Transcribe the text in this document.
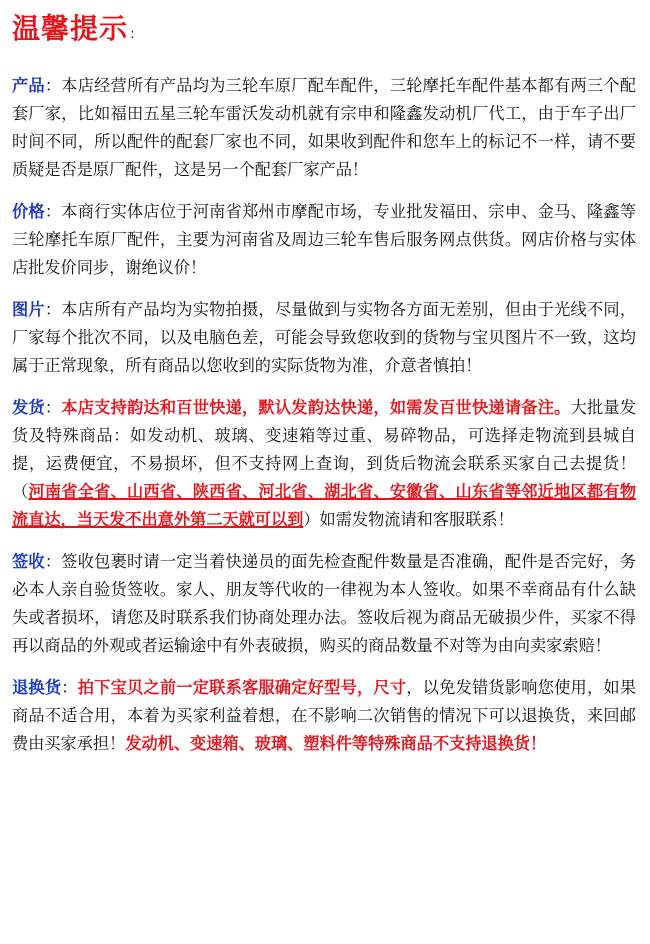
温馨提示 :
产品：本店经营所有产品均为三轮车原厂配车配件，三轮摩托车配件基本都有两三个配套厂家，比如福田五星三轮车雷沃发动机就有宗申和隆鑫发动机厂代工，由于车子出厂时间不同，所以配件的配套厂家也不同，如果收到配件和您车上的标记不一样，请不要质疑是否是原厂配件，这是另一个配套厂家产品！
价格：本商行实体店位于河南省郑州市摩配市场，专业批发福田、宗申、金马、隆鑫等三轮摩托车原厂配件，主要为河南省及周边三轮车售后服务网点供货。网店价格与实体店批发价同步，谢绝议价！
图片：本店所有产品均为实物拍摄，尽量做到与实物各方面无差别，但由于光线不同，厂家每个批次不同，以及电脑色差，可能会导致您收到的货物与宝贝图片不一致，这均属于正常现象，所有商品以您收到的实际货物为准，介意者慎拍！
发货：本店支持韵达和百世快递，默认发韵达快递，如需发百世快递请备注。大批量发货及特殊商品：如发动机、玻璃、变速箱等过重、易碎物品，可选择走物流到县城自提，运费便宜，不易损坏，但不支持网上查询，到货后物流会联系买家自己去提货！（河南省全省、山西省、陕西省、河北省、湖北省、安徽省、山东省等邻近地区都有物流直达，当天发不出意外第二天就可以到）如需发物流请和客服联系！
签收：签收包裹时请一定当着快递员的面先检查配件数量是否准确，配件是否完好，务必本人亲自验货签收。家人、朋友等代收的一律视为本人签收。如果不幸商品有什么缺失或者损坏，请您及时联系我们协商处理办法。签收后视为商品无破损少件，买家不得再以商品的外观或者运输途中有外表破损，购买的商品数量不对等为由向卖家索赔！
退换货：拍下宝贝之前一定联系客服确定好型号，尺寸，以免发错货影响您使用，如果商品不适合用，本着为买家利益着想，在不影响二次销售的情况下可以退换货，来回邮费由买家承担！发动机、变速箱、玻璃、塑料件等特殊商品不支持退换货！
